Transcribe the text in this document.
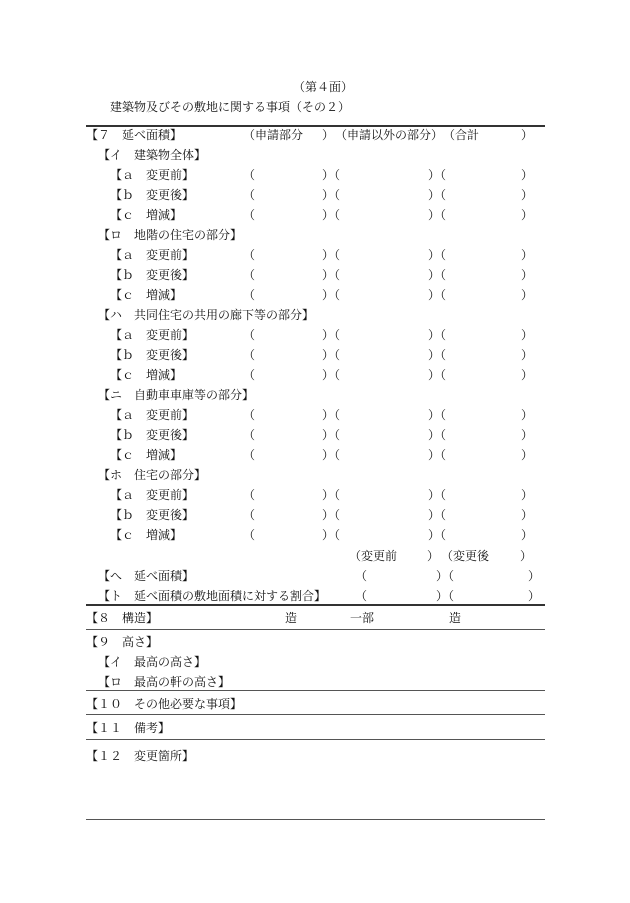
（第４面）
建築物及びその敷地に関する事項（その２）
【７　延べ面積】	（申請部分 ） （申請以外の部分） （合計	）
【イ　建築物全体】
【ａ　変更前】	（	）（	）（	）
【ｂ　変更後】	（	）（	）（	）
【ｃ　増減】	（	）（	）（	）
【ロ　地階の住宅の部分】
【ａ　変更前】	（	）（	）（	）
【ｂ　変更後】	（	）（	）（	）
【ｃ　増減】	（	）（	）（	）
【ハ　共同住宅の共用の廊下等の部分】
【ａ　変更前】	（	）（	）（	）
【ｂ　変更後】	（	）（	）（	）
【ｃ　増減】	（	）（	）（	）
【ニ　自動車車庫等の部分】
【ａ　変更前】	（	）（	）（	）
【ｂ　変更後】	（	）（	）（	）
【ｃ　増減】	（	）（	）（	）
【ホ　住宅の部分】
【ａ　変更前】	（	）（	）（	）
【ｂ　変更後】	（	）（	）（	）
【ｃ　増減】	（	）（	）（	）
（変更前 ） （変更後	）
【へ　延べ面積】	（	）（	）
【ト　延べ面積の敷地面積に対する割合】 （	）（	）
【８　構造】	造	一部	造
【９　高さ】
【イ　最高の高さ】
【ロ　最高の軒の高さ】
【１０　その他必要な事項】
【１１　備考】
【１２　変更箇所】
